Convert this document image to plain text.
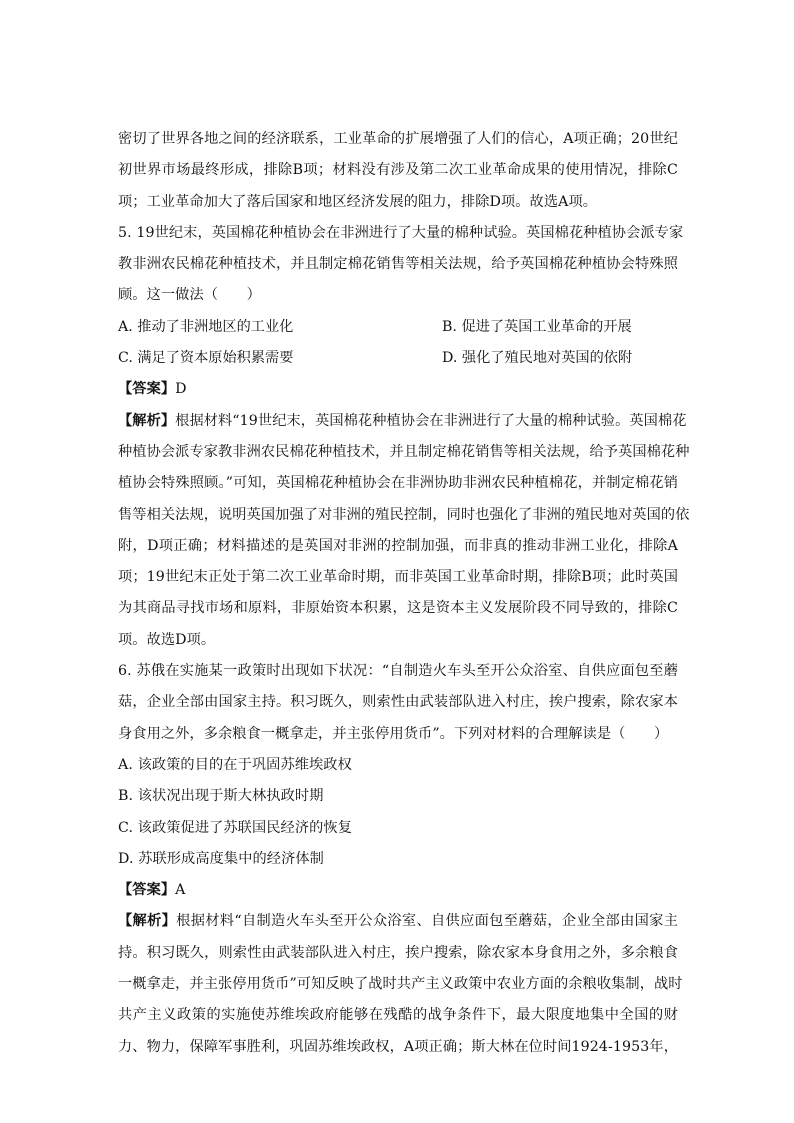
密切了世界各地之间的经济联系，工业革命的扩展增强了人们的信心，A项正确；20世纪
初世界市场最终形成，排除B项；材料没有涉及第二次工业革命成果的使用情况，排除C
项；工业革命加大了落后国家和地区经济发展的阻力，排除D项。故选A项。
5. 19世纪末，英国棉花种植协会在非洲进行了大量的棉种试验。英国棉花种植协会派专家
教非洲农民棉花种植技术，并且制定棉花销售等相关法规，给予英国棉花种植协会特殊照
顾。这一做法（　　）
A. 推动了非洲地区的工业化	B. 促进了英国工业革命的开展
C. 满足了资本原始积累需要	D. 强化了殖民地对英国的依附
【答案】D
【解析】根据材料“19世纪末，英国棉花种植协会在非洲进行了大量的棉种试验。英国棉花
种植协会派专家教非洲农民棉花种植技术，并且制定棉花销售等相关法规，给予英国棉花种
植协会特殊照顾。”可知，英国棉花种植协会在非洲协助非洲农民种植棉花，并制定棉花销
售等相关法规，说明英国加强了对非洲的殖民控制，同时也强化了非洲的殖民地对英国的依
附，D项正确；材料描述的是英国对非洲的控制加强，而非真的推动非洲工业化，排除A
项；19世纪末正处于第二次工业革命时期，而非英国工业革命时期，排除B项；此时英国
为其商品寻找市场和原料，非原始资本积累，这是资本主义发展阶段不同导致的，排除C
项。故选D项。
6. 苏俄在实施某一政策时出现如下状况：“自制造火车头至开公众浴室、自供应面包至蘑
菇，企业全部由国家主持。积习既久，则索性由武装部队进入村庄，挨户搜索，除农家本
身食用之外，多余粮食一概拿走，并主张停用货币”。下列对材料的合理解读是（　　）
A. 该政策的目的在于巩固苏维埃政权
B. 该状况出现于斯大林执政时期
C. 该政策促进了苏联国民经济的恢复
D. 苏联形成高度集中的经济体制
【答案】A
【解析】根据材料“自制造火车头至开公众浴室、自供应面包至蘑菇，企业全部由国家主
持。积习既久，则索性由武装部队进入村庄，挨户搜索，除农家本身食用之外，多余粮食
一概拿走，并主张停用货币”可知反映了战时共产主义政策中农业方面的余粮收集制，战时
共产主义政策的实施使苏维埃政府能够在残酷的战争条件下，最大限度地集中全国的财
力、物力，保障军事胜利，巩固苏维埃政权，A项正确；斯大林在位时间1924-1953年，
